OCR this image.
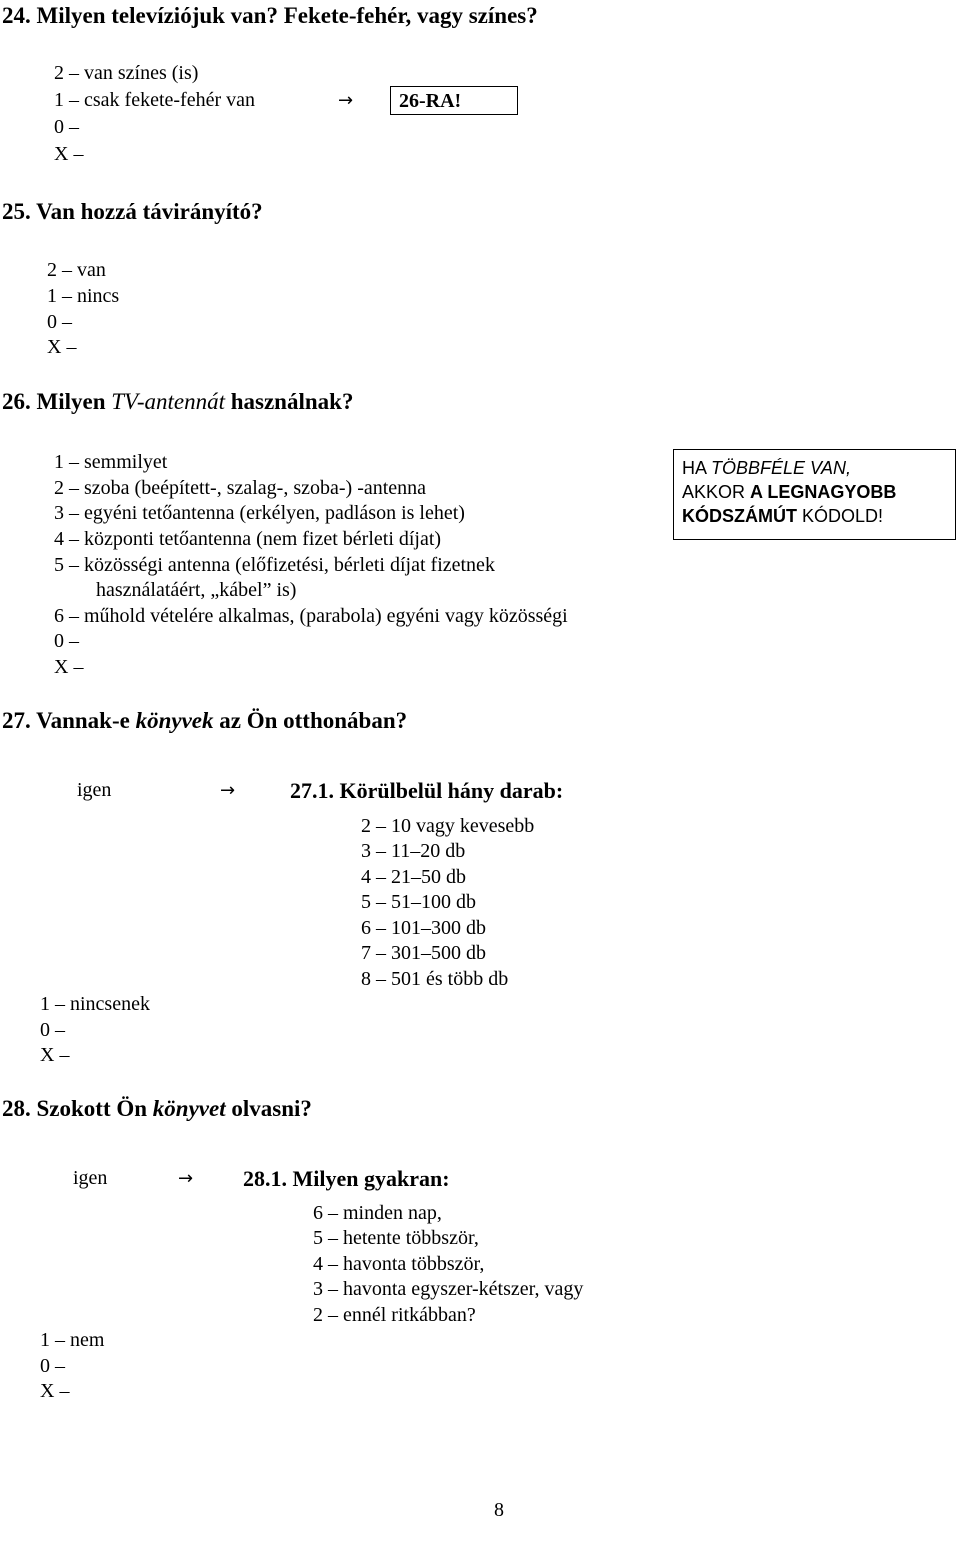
24. Milyen televíziójuk van? Fekete-fehér, vagy színes?
2 – van színes (is)
1 – csak fekete-fehér van
0 –
X –
→	26-RA!
25. Van hozzá távirányító?
2 – van
1 – nincs
0 –
X –
26. Milyen TV-antennát használnak?
1 – semmilyet
2 – szoba (beépített-, szalag-, szoba-) -antenna
3 – egyéni tetőantenna (erkélyen, padláson is lehet)
4 – központi tetőantenna (nem fizet bérleti díjat)
5 – közösségi antenna (előfizetési, bérleti díjat fizetnek
használatáért, „kábel” is)
6 – műhold vételére alkalmas, (parabola) egyéni vagy közösségi
0 –
X –
HA TÖBBFÉLE VAN,
AKKOR A LEGNAGYOBB
KÓDSZÁMÚT KÓDOLD!
27. Vannak-e könyvek az Ön otthonában?
igen	→ 27.1. Körülbelül hány darab:
2 – 10 vagy kevesebb
3 – 11–20 db
4 – 21–50 db
5 – 51–100 db
6 – 101–300 db
7 – 301–500 db
8 – 501 és több db
1 – nincsenek
0 –
X –
28. Szokott Ön könyvet olvasni?
igen	→ 28.1. Milyen gyakran:
6 – minden nap,
5 – hetente többször,
4 – havonta többször,
3 – havonta egyszer-kétszer, vagy
2 – ennél ritkábban?
1 – nem
0 –
X –
8
